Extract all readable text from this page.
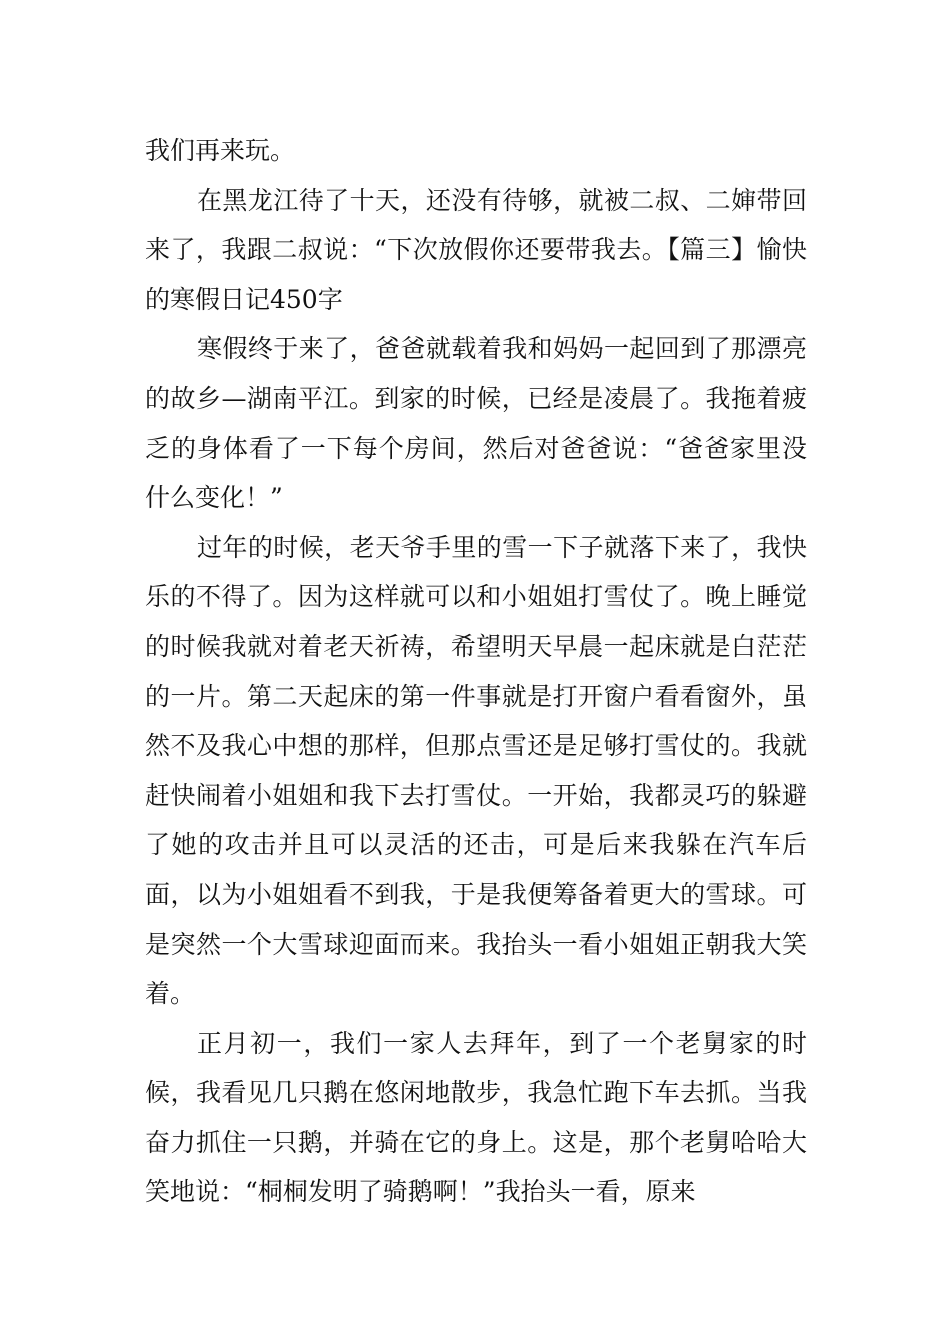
我们再来玩。

在黑龙江待了十天，还没有待够，就被二叔、二婶带回来了，我跟二叔说：“下次放假你还要带我去。【篇三】愉快的寒假日记450字

寒假终于来了，爸爸就载着我和妈妈一起回到了那漂亮的故乡—湖南平江。到家的时候，已经是凌晨了。我拖着疲乏的身体看了一下每个房间，然后对爸爸说：“爸爸家里没什么变化！”

过年的时候，老天爷手里的雪一下子就落下来了，我快乐的不得了。因为这样就可以和小姐姐打雪仗了。晚上睡觉的时候我就对着老天祈祷，希望明天早晨一起床就是白茫茫的一片。第二天起床的第一件事就是打开窗户看看窗外，虽然不及我心中想的那样，但那点雪还是足够打雪仗的。我就赶快闹着小姐姐和我下去打雪仗。一开始，我都灵巧的躲避了她的攻击并且可以灵活的还击，可是后来我躲在汽车后面，以为小姐姐看不到我，于是我便筹备着更大的雪球。可是突然一个大雪球迎面而来。我抬头一看小姐姐正朝我大笑着。

正月初一，我们一家人去拜年，到了一个老舅家的时候，我看见几只鹅在悠闲地散步，我急忙跑下车去抓。当我奋力抓住一只鹅，并骑在它的身上。这是，那个老舅哈哈大笑地说：“桐桐发明了骑鹅啊！”我抬头一看，原来
